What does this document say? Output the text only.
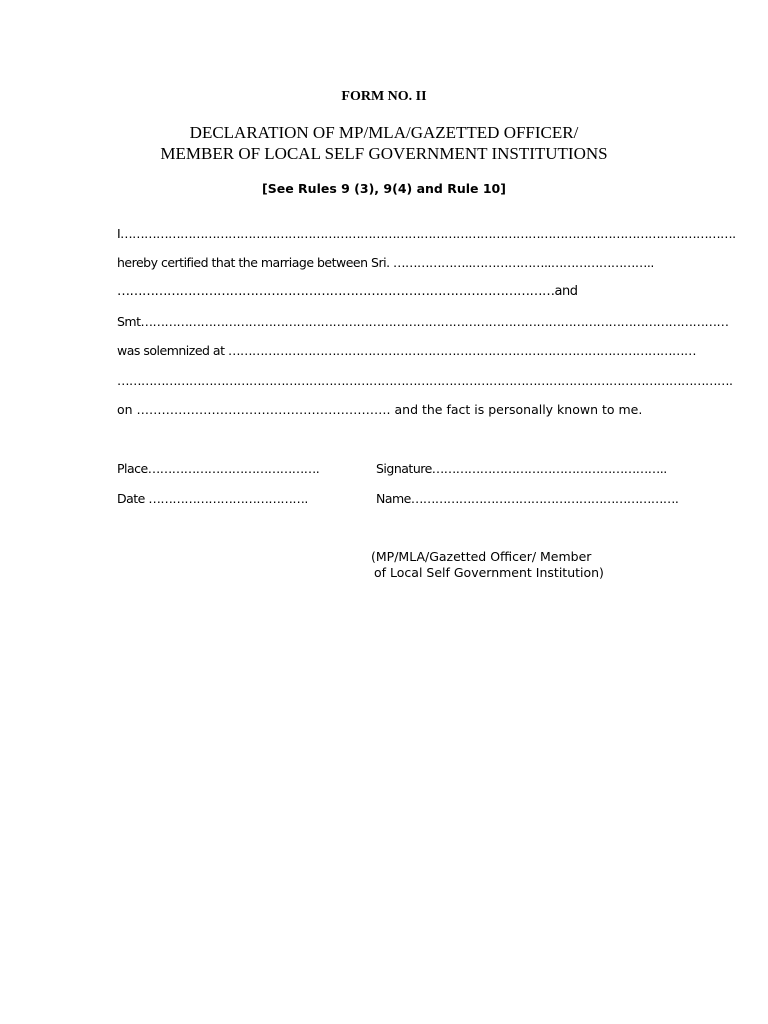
FORM NO. II
DECLARATION OF MP/MLA/GAZETTED OFFICER/
MEMBER OF LOCAL SELF GOVERNMENT INSTITUTIONS
[See Rules 9 (3), 9(4) and Rule 10]
I……………………………………………………………………………………………………………………………………….
hereby certified that the marriage between Sri. ………………..………………..……………………..
……………………………………………………………………………………………and
Smt…………………………………………………………………………………………………………………………………
was solemnized at ………………………………………………………………………………………………………
……………………………………………………………………………………………………………………………………….
on ……………………………………………………. and the fact is personally known to me.
Place…………………………………….
Date ………………………………….
Signature…………………………………………………..
Name………………………………………………………….
(MP/MLA/Gazetted Officer/ Member
of Local Self Government Institution)
